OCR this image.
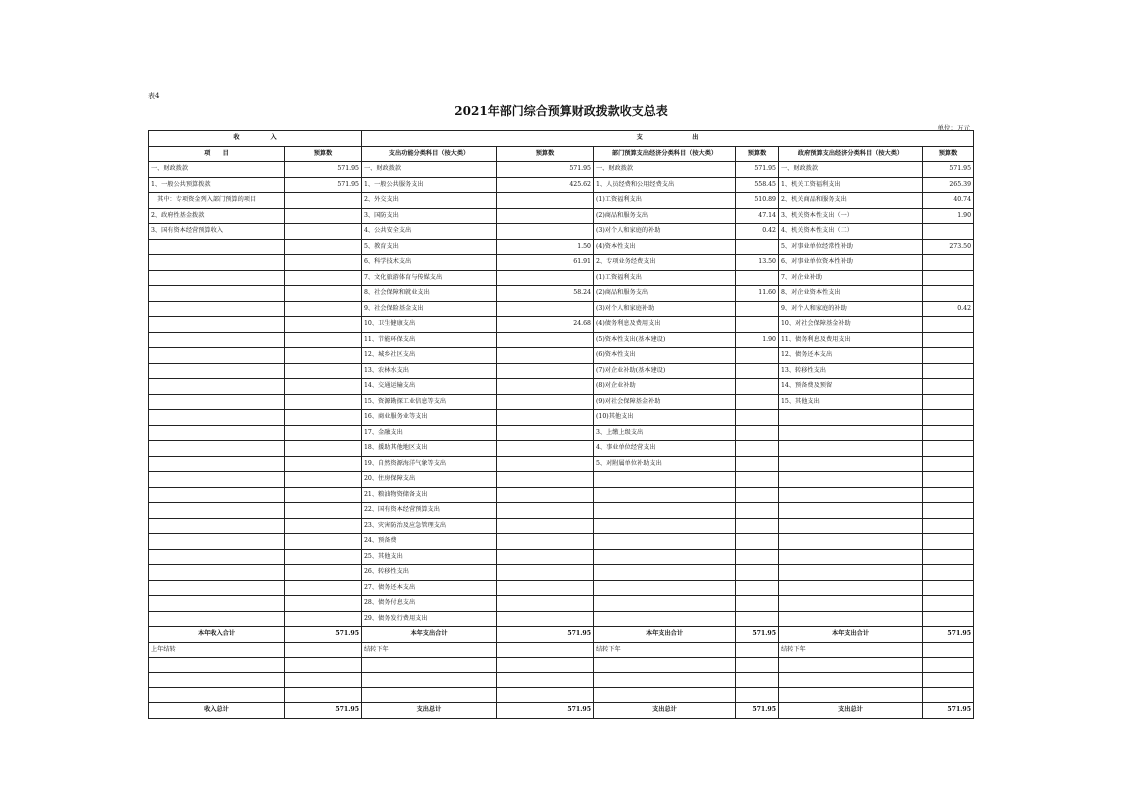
表4
2021年部门综合预算财政拨款收支总表
单位：万元
收　　　　　入		支　　　　　　　　出					
项　　目	预算数	支出功能分类科目（按大类）	预算数	部门预算支出经济分类科目（按大类）	预算数	政府预算支出经济分类科目（按大类）	预算数
一、财政拨款	571.95	一、财政拨款	571.95	一、财政拨款	571.95	一、财政拨款	571.95
1、一般公共预算拨款	571.95	1、一般公共服务支出	425.62	1、人员经费和公用经费支出	558.45	1、机关工资福利支出	265.39
　其中：专项资金列入部门预算的项目		2、外交支出		(1)工资福利支出	510.89	2、机关商品和服务支出	40.74
2、政府性基金拨款		3、国防支出		(2)商品和服务支出	47.14	3、机关资本性支出（一）	1.90
3、国有资本经营预算收入		4、公共安全支出		(3)对个人和家庭的补助	0.42	4、机关资本性支出（二）	
		5、教育支出	1.50	(4)资本性支出		5、对事业单位经常性补助	273.50
		6、科学技术支出	61.91	2、专项业务经费支出	13.50	6、对事业单位资本性补助	
		7、文化旅游体育与传媒支出		(1)工资福利支出		7、对企业补助	
		8、社会保障和就业支出	58.24	(2)商品和服务支出	11.60	8、对企业资本性支出	
		9、社会保险基金支出		(3)对个人和家庭补助		9、对个人和家庭的补助	0.42
		10、卫生健康支出	24.68	(4)债务利息及费用支出		10、对社会保障基金补助	
		11、节能环保支出		(5)资本性支出(基本建设)	1.90	11、债务利息及费用支出	
		12、城乡社区支出		(6)资本性支出		12、债务还本支出	
		13、农林水支出		(7)对企业补助(基本建设)		13、转移性支出	
		14、交通运输支出		(8)对企业补助		14、预备费及预留	
		15、资源勘探工业信息等支出		(9)对社会保障基金补助		15、其他支出	
		16、商业服务业等支出		(10)其他支出			
		17、金融支出		3、上缴上级支出			
		18、援助其他地区支出		4、事业单位经营支出			
		19、自然资源海洋气象等支出		5、对附属单位补助支出			
		20、住房保障支出					
		21、粮油物资储备支出					
		22、国有资本经营预算支出					
		23、灾害防治及应急管理支出					
		24、预备费					
		25、其他支出					
		26、转移性支出					
		27、债务还本支出					
		28、债务付息支出					
		29、债务发行费用支出					
本年收入合计	571.95	本年支出合计	571.95	本年支出合计	571.95	本年支出合计	571.95
上年结转		结转下年		结转下年		结转下年	

收入总计	571.95	支出总计	571.95	支出总计	571.95	支出总计	571.95
